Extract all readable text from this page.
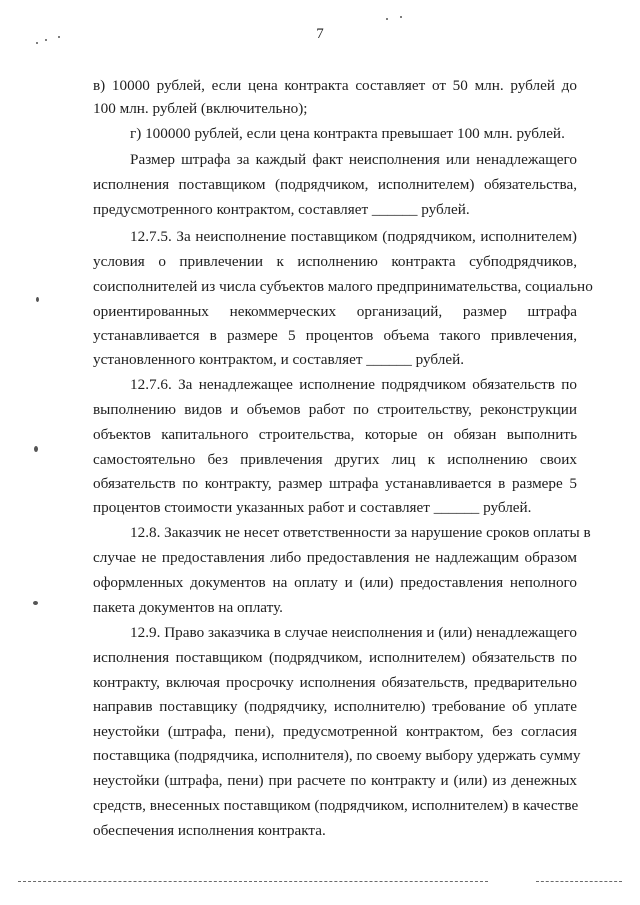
7
в) 10000 рублей, если цена контракта составляет от 50 млн. рублей до
100 млн. рублей (включительно);
г) 100000 рублей, если цена контракта превышает 100 млн. рублей.
Размер штрафа за каждый факт неисполнения или ненадлежащего
исполнения поставщиком (подрядчиком, исполнителем) обязательства,
предусмотренного контрактом, составляет ______ рублей.
12.7.5. За неисполнение поставщиком (подрядчиком, исполнителем)
условия о привлечении к исполнению контракта субподрядчиков,
соисполнителей из числа субъектов малого предпринимательства, социально
ориентированных некоммерческих организаций, размер штрафа
устанавливается в размере 5 процентов объема такого привлечения,
установленного контрактом, и составляет ______ рублей.
12.7.6. За ненадлежащее исполнение подрядчиком обязательств по
выполнению видов и объемов работ по строительству, реконструкции
объектов капитального строительства, которые он обязан выполнить
самостоятельно без привлечения других лиц к исполнению своих
обязательств по контракту, размер штрафа устанавливается в размере 5
процентов стоимости указанных работ и составляет ______ рублей.
12.8. Заказчик не несет ответственности за нарушение сроков оплаты в
случае не предоставления либо предоставления не надлежащим образом
оформленных документов на оплату и (или) предоставления неполного
пакета документов на оплату.
12.9. Право заказчика в случае неисполнения и (или) ненадлежащего
исполнения поставщиком (подрядчиком, исполнителем) обязательств по
контракту, включая просрочку исполнения обязательств, предварительно
направив поставщику (подрядчику, исполнителю) требование об уплате
неустойки (штрафа, пени), предусмотренной контрактом, без согласия
поставщика (подрядчика, исполнителя), по своему выбору удержать сумму
неустойки (штрафа, пени) при расчете по контракту и (или) из денежных
средств, внесенных поставщиком (подрядчиком, исполнителем) в качестве
обеспечения исполнения контракта.
